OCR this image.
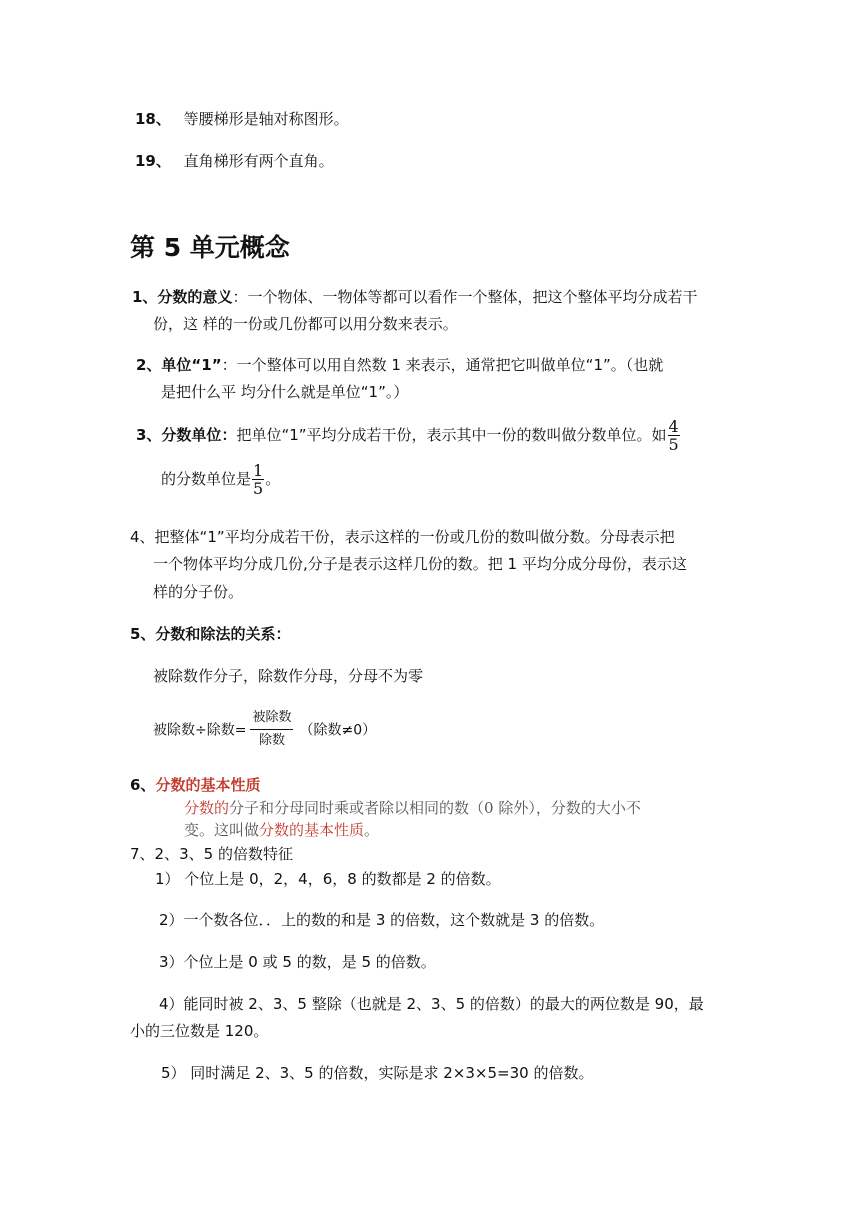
18、 等腰梯形是轴对称图形。
19、 直角梯形有两个直角。
第 5 单元概念
1、分数的意义：一个物体、一物体等都可以看作一个整体，把这个整体平均分成若干
份，这 样的一份或几份都可以用分数来表示。
2、单位“1”：一个整体可以用自然数 1 来表示，通常把它叫做单位“1”。（也就
是把什么平 均分什么就是单位“1”。）
3、分数单位：把单位“1”平均分成若干份，表示其中一份的数叫做分数单位。如 $\frac{4}{5}$
的分数单位是 $\frac{1}{5}$ 。
4、把整体“1”平均分成若干份，表示这样的一份或几份的数叫做分数。分母表示把
一个物体平均分成几份,分子是表示这样几份的数。把 1 平均分成分母份，表示这
样的分子份。
5、分数和除法的关系：
被除数作分子，除数作分母，分母不为零
被除数÷除数= $\frac{\text{被除数}}{\text{除数}}$ （除数≠0）
6、分数的基本性质
分数的分子和分母同时乘或者除以相同的数（0 除外），分数的大小不
变。这叫做分数的基本性质。
7、2、3、5 的倍数特征
1） 个位上是 0，2，4，6，8 的数都是 2 的倍数。
2）一个数各位．．上的数的和是 3 的倍数，这个数就是 3 的倍数。
3）个位上是 0 或 5 的数，是 5 的倍数。
4）能同时被 2、3、5 整除（也就是 2、3、5 的倍数）的最大的两位数是 90，最
小的三位数是 120。
5） 同时满足 2、3、5 的倍数，实际是求 2×3×5=30 的倍数。
